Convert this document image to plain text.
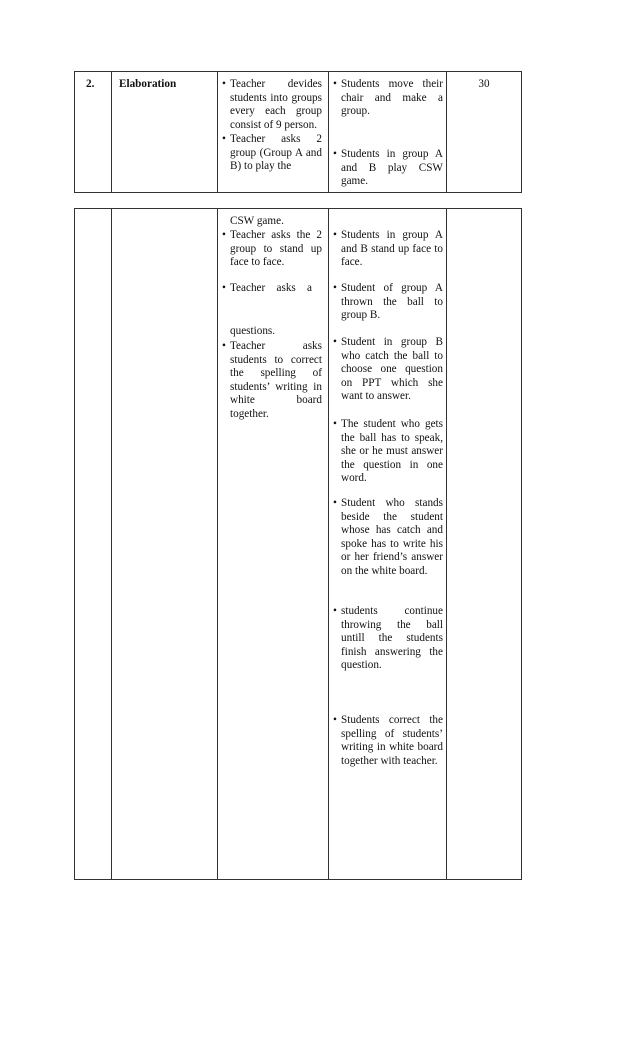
2. Elaboration	• Teacher devides students into groups every each group consist of 9 person.
• Teacher asks 2 group (Group A and B) to play the
• Students move their chair and make a group.
• Students in group A and B play CSW game.
30
CSW game.
• Teacher asks the 2 group to stand up face to face.
• Teacher asks a
questions.
• Teacher asks students to correct the spelling of students’ writing in white board together.
• Students in group A and B stand up face to face.
• Student of group A thrown the ball to group B.
• Student in group B who catch the ball to choose one question on PPT which she want to answer.
• The student who gets the ball has to speak, she or he must answer the question in one word.
• Student who stands beside the student whose has catch and spoke has to write his or her friend’s answer on the white board.
• students continue throwing the ball untill the students finish answering the question.
• Students correct the spelling of students’ writing in white board together with teacher.
